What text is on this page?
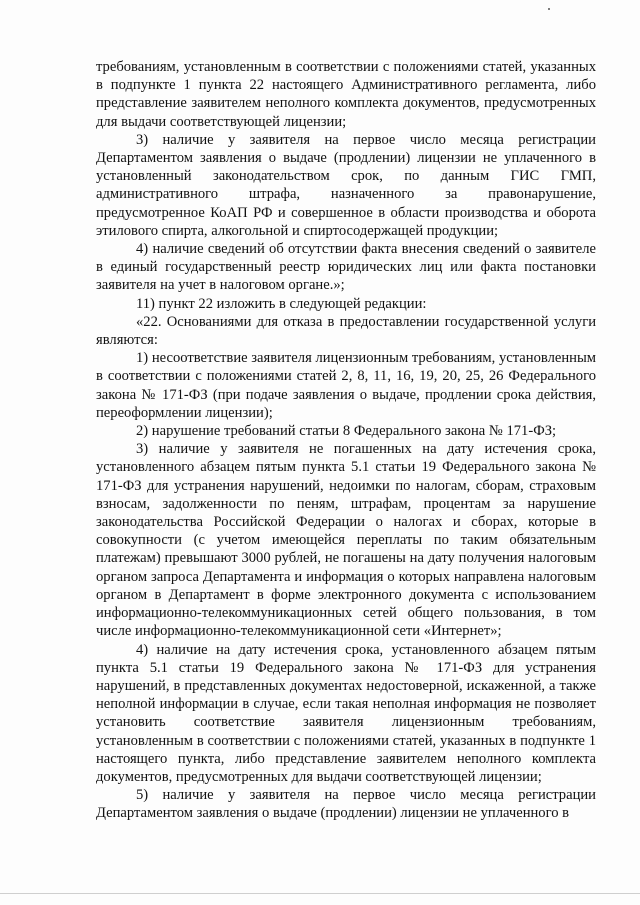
требованиям, установленным в соответствии с положениями статей, указанных в подпункте 1 пункта 22 настоящего Административного регламента, либо представление заявителем неполного комплекта документов, предусмотренных для выдачи соответствующей лицензии;

3) наличие у заявителя на первое число месяца регистрации Департаментом заявления о выдаче (продлении) лицензии не уплаченного в установленный законодательством срок, по данным ГИС ГМП, административного штрафа, назначенного за правонарушение, предусмотренное КоАП РФ и совершенное в области производства и оборота этилового спирта, алкогольной и спиртосодержащей продукции;

4) наличие сведений об отсутствии факта внесения сведений о заявителе в единый государственный реестр юридических лиц или факта постановки заявителя на учет в налоговом органе.»;

11) пункт 22 изложить в следующей редакции:

«22. Основаниями для отказа в предоставлении государственной услуги являются:

1) несоответствие заявителя лицензионным требованиям, установленным в соответствии с положениями статей 2, 8, 11, 16, 19, 20, 25, 26 Федерального закона № 171-ФЗ (при подаче заявления о выдаче, продлении срока действия, переоформлении лицензии);

2) нарушение требований статьи 8 Федерального закона № 171-ФЗ;

3) наличие у заявителя не погашенных на дату истечения срока, установленного абзацем пятым пункта 5.1 статьи 19 Федерального закона № 171-ФЗ для устранения нарушений, недоимки по налогам, сборам, страховым взносам, задолженности по пеням, штрафам, процентам за нарушение законодательства Российской Федерации о налогах и сборах, которые в совокупности (с учетом имеющейся переплаты по таким обязательным платежам) превышают 3000 рублей, не погашены на дату получения налоговым органом запроса Департамента и информация о которых направлена налоговым органом в Департамент в форме электронного документа с использованием информационно-телекоммуникационных сетей общего пользования, в том числе информационно-телекоммуникационной сети «Интернет»;

4) наличие на дату истечения срока, установленного абзацем пятым пункта 5.1 статьи 19 Федерального закона № 171-ФЗ для устранения нарушений, в представленных документах недостоверной, искаженной, а также неполной информации в случае, если такая неполная информация не позволяет установить соответствие заявителя лицензионным требованиям, установленным в соответствии с положениями статей, указанных в подпункте 1 настоящего пункта, либо представление заявителем неполного комплекта документов, предусмотренных для выдачи соответствующей лицензии;

5) наличие у заявителя на первое число месяца регистрации Департаментом заявления о выдаче (продлении) лицензии не уплаченного в
